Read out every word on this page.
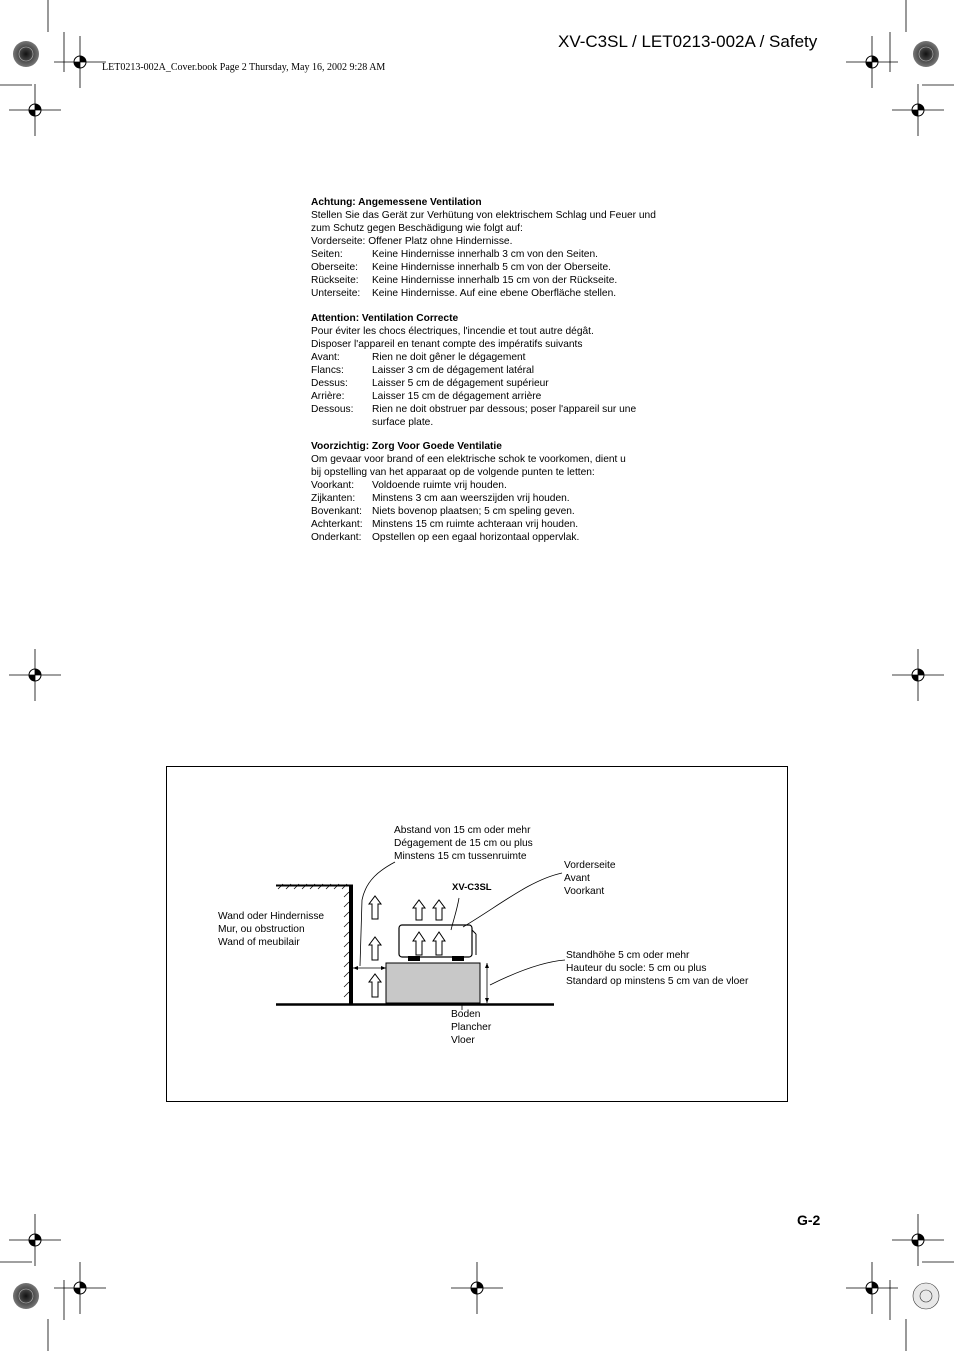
XV-C3SL / LET0213-002A / Safety
LET0213-002A_Cover.book Page 2 Thursday, May 16, 2002 9:28 AM
Achtung: Angemessene Ventilation

Stellen Sie das Gerät zur Verhütung von elektrischem Schlag und Feuer und zum Schutz gegen Beschädigung wie folgt auf:

Vorderseite: Offener Platz ohne Hindernisse.

Seiten:	Keine Hindernisse innerhalb 3 cm von den Seiten.
Oberseite:	Keine Hindernisse innerhalb 5 cm von der Oberseite.
Rückseite:	Keine Hindernisse innerhalb 15 cm von der Rückseite.
Unterseite:	Keine Hindernisse. Auf eine ebene Oberfläche stellen.
Attention: Ventilation Correcte

Pour éviter les chocs électriques, l'incendie et tout autre dégât.

Disposer l'appareil en tenant compte des impératifs suivants

Avant:	Rien ne doit gêner le dégagement
Flancs:	Laisser 3 cm de dégagement latéral
Dessus:	Laisser 5 cm de dégagement supérieur
Arrière:	Laisser 15 cm de dégagement arrière
Dessous:	Rien ne doit obstruer par dessous; poser l'appareil sur une surface plate.
Voorzichtig: Zorg Voor Goede Ventilatie

Om gevaar voor brand of een elektrische schok te voorkomen, dient u bij opstelling van het apparaat op de volgende punten te letten:

Voorkant:	Voldoende ruimte vrij houden.
Zijkanten:	Minstens 3 cm aan weerszijden vrij houden.
Bovenkant: Niets bovenop plaatsen; 5 cm speling geven.
Achterkant: Minstens 15 cm ruimte achteraan vrij houden.
Onderkant:	Opstellen op een egaal horizontaal oppervlak.
Abstand von 15 cm oder mehr
Dégagement de 15 cm ou plus
Minstens 15 cm tussenruimte
Vorderseite
Avant
Voorkant
XV-C3SL
Wand oder Hindernisse
Mur, ou obstruction
Wand of meubilair
Standhöhe 5 cm oder mehr
Hauteur du socle: 5 cm ou plus
Standard op minstens 5 cm van de vloer
Boden
Plancher
Vloer
G-2
